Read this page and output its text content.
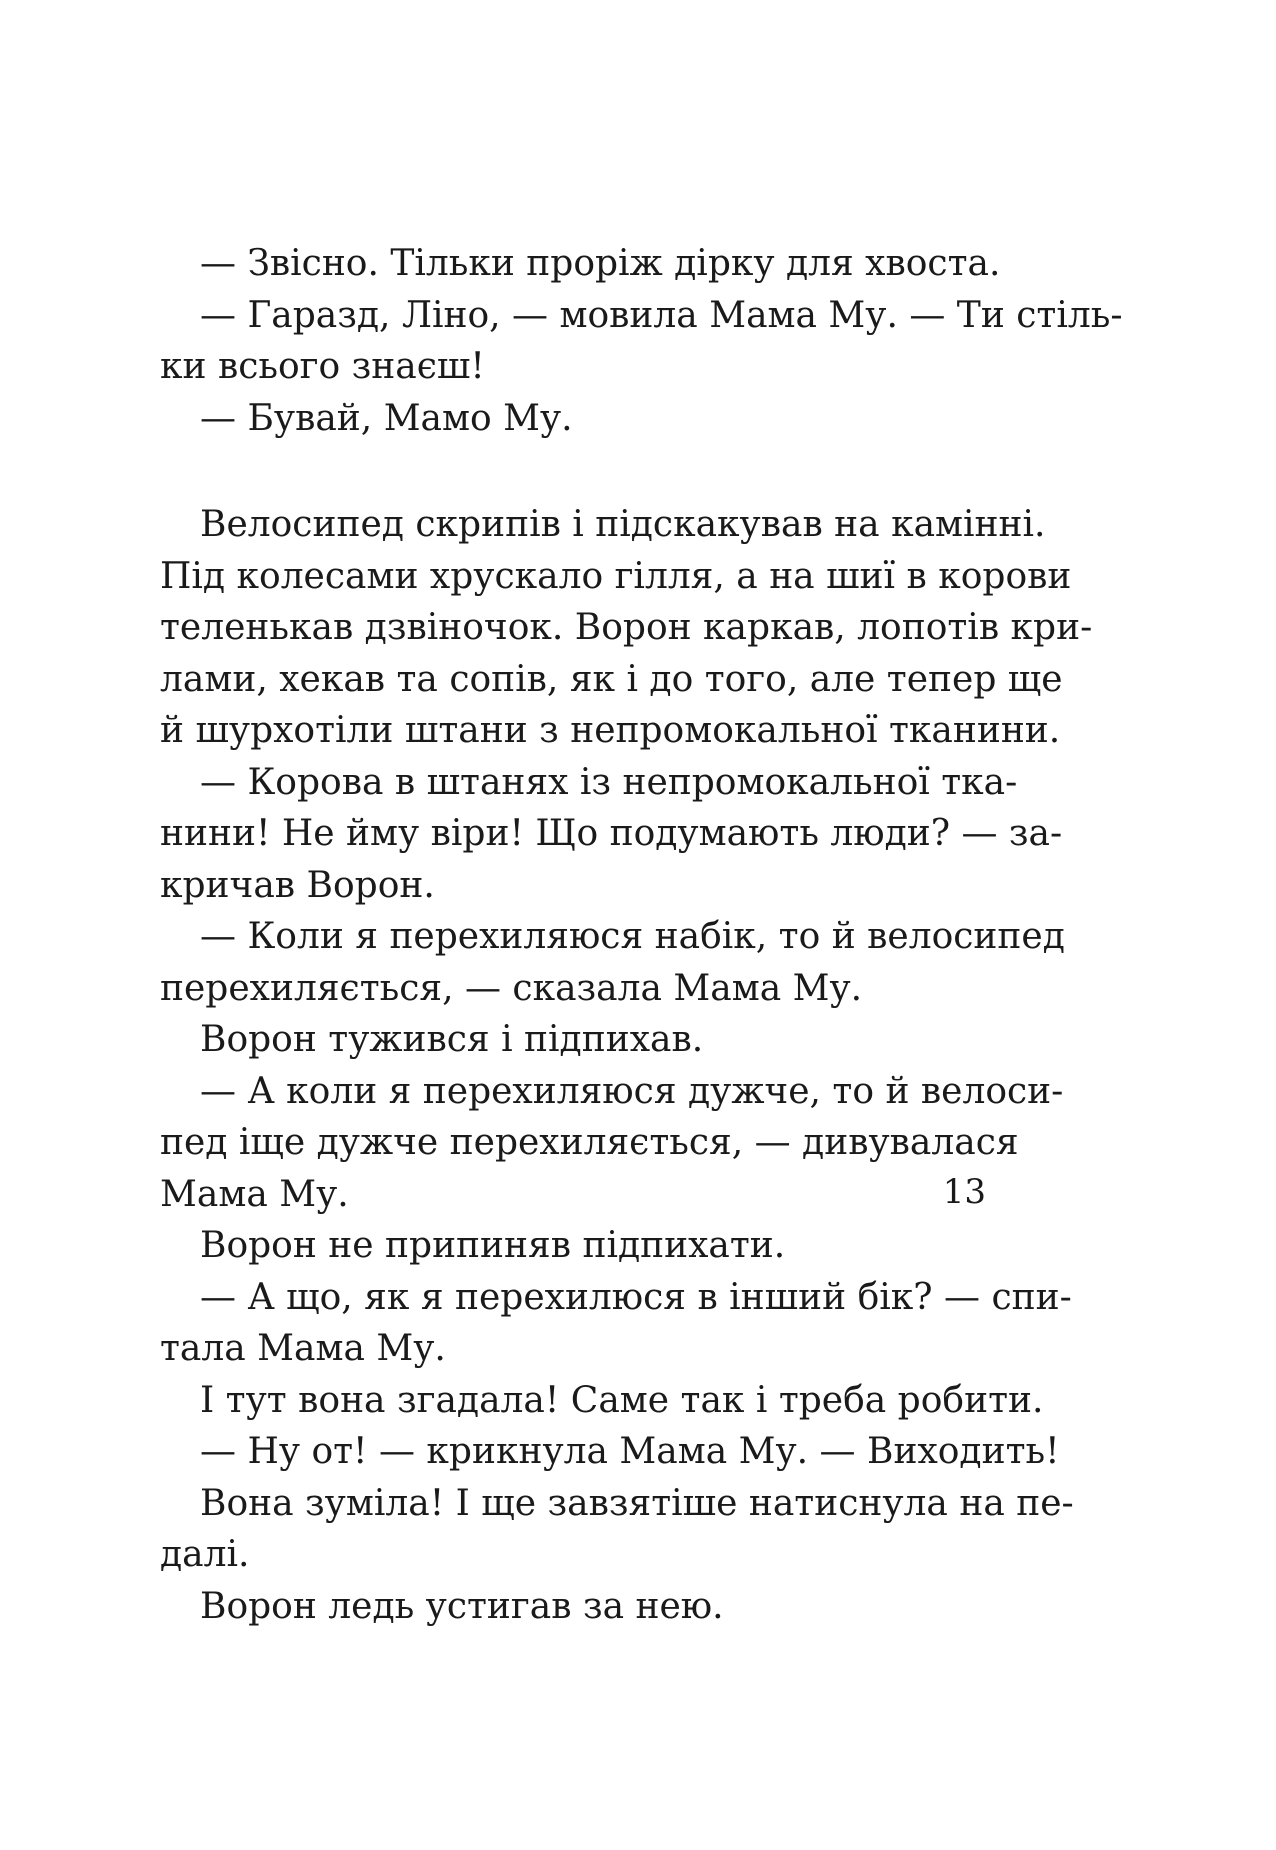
— Звісно. Тільки проріж дірку для хвоста.
— Гаразд, Ліно, — мовила Мама Му. — Ти стіль-
ки всього знаєш!
— Бувай, Мамо Му.
Велосипед скрипів і підскакував на камінні.
Під колесами хрускало гілля, а на шиї в корови
теленькав дзвіночок. Ворон каркав, лопотів кри-
лами, хекав та сопів, як і до того, але тепер ще
й шурхотіли штани з непромокальної тканини.
— Корова в штанях із непромокальної тка-
нини! Не йму віри! Що подумають люди? — за-
кричав Ворон.
— Коли я перехиляюся набік, то й велосипед
перехиляється, — сказала Мама Му.
Ворон тужився і підпихав.
— А коли я перехиляюся дужче, то й велоси-
пед іще дужче перехиляється, — дивувалася
Мама Му.
Ворон не припиняв підпихати.
— А що, як я перехилюся в інший бік? — спи-
тала Мама Му.
І тут вона згадала! Саме так і треба робити.
— Ну от! — крикнула Мама Му. — Виходить!
Вона зуміла! І ще завзятіше натиснула на пе-
далі.
Ворон ледь устигав за нею.
13
